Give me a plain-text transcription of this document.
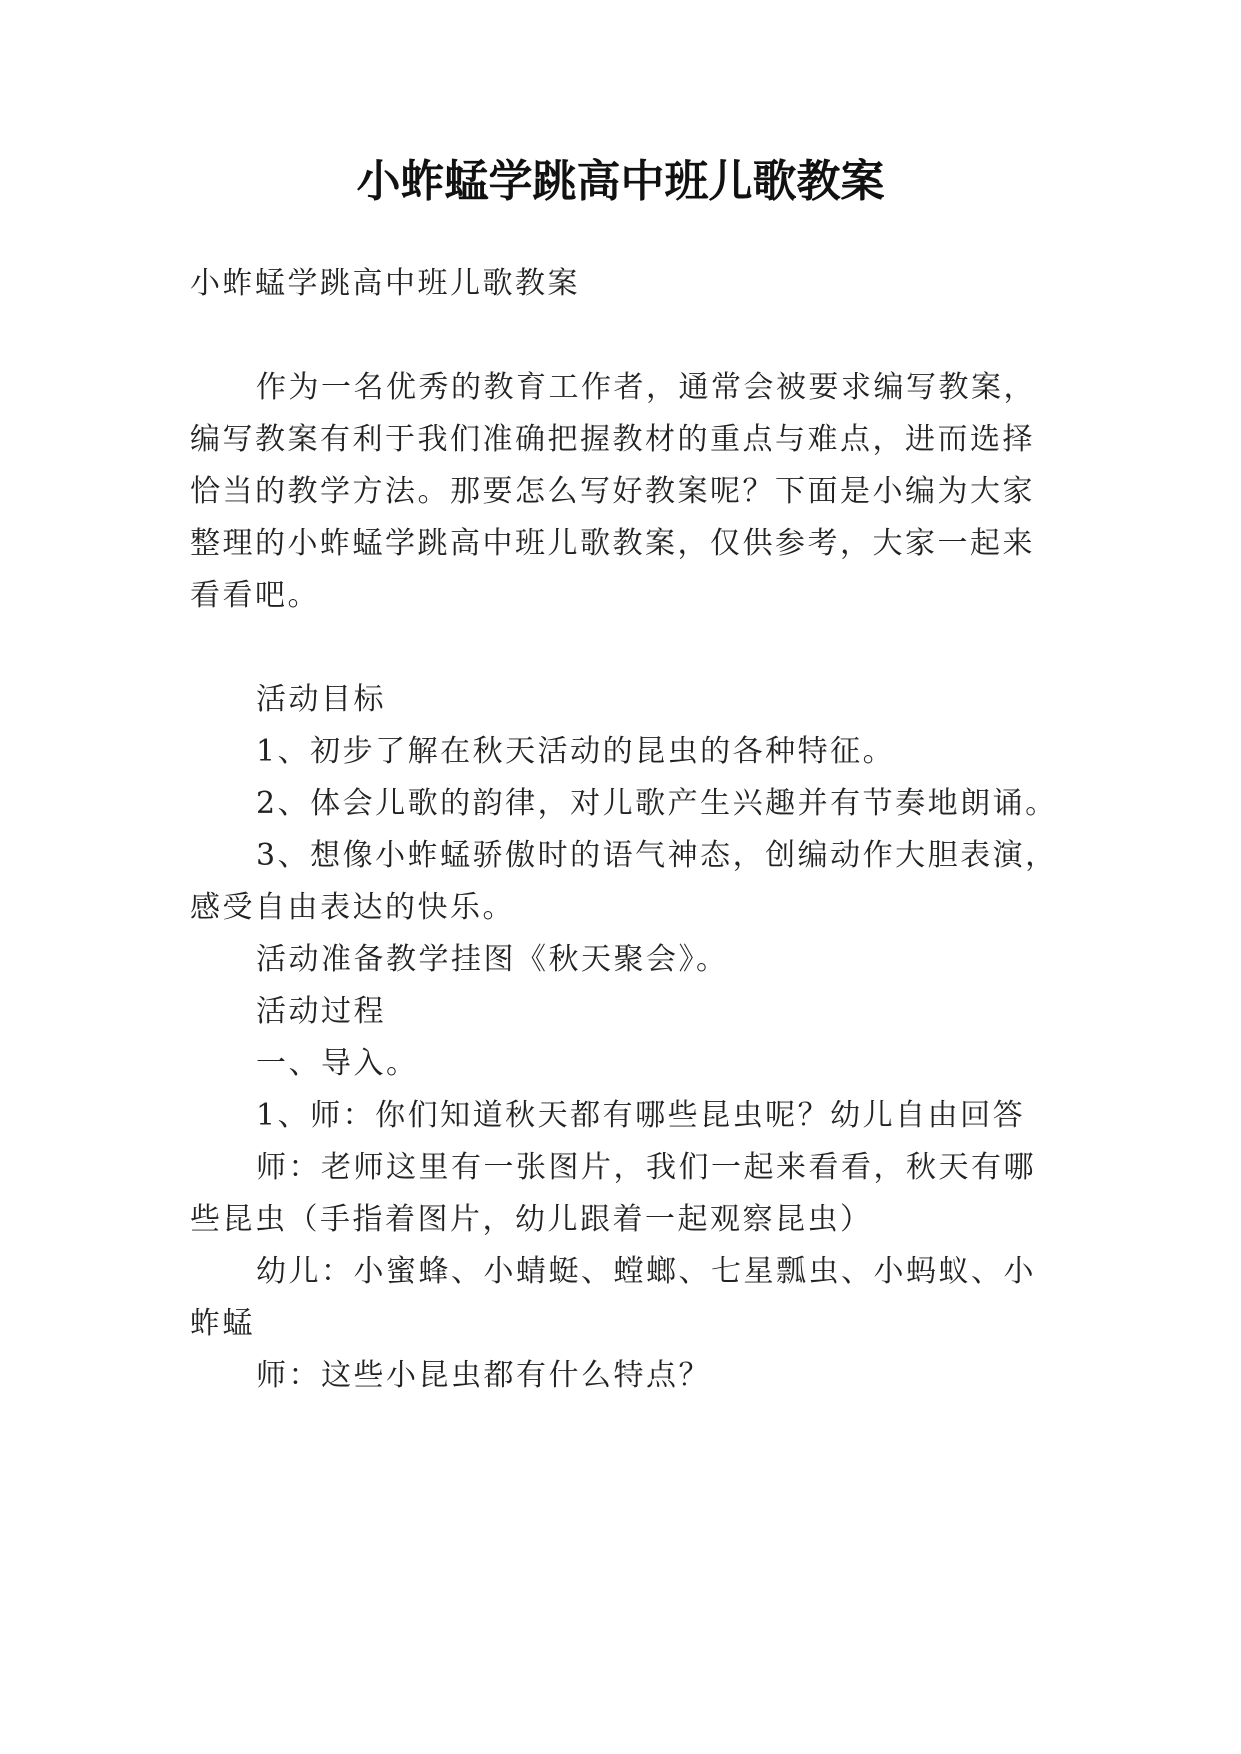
小蚱蜢学跳高中班儿歌教案

小蚱蜢学跳高中班儿歌教案

作为一名优秀的教育工作者，通常会被要求编写教案，

编写教案有利于我们准确把握教材的重点与难点，进而选择

恰当的教学方法。那要怎么写好教案呢？下面是小编为大家

整理的小蚱蜢学跳高中班儿歌教案，仅供参考，大家一起来

看看吧。

活动目标

1、初步了解在秋天活动的昆虫的各种特征。

2、体会儿歌的韵律，对儿歌产生兴趣并有节奏地朗诵。

3、想像小蚱蜢骄傲时的语气神态，创编动作大胆表演，

感受自由表达的快乐。

活动准备教学挂图《秋天聚会》。

活动过程

一、导入。

1、师：你们知道秋天都有哪些昆虫呢？幼儿自由回答

师：老师这里有一张图片，我们一起来看看，秋天有哪

些昆虫（手指着图片，幼儿跟着一起观察昆虫）

幼儿：小蜜蜂、小蜻蜓、螳螂、七星瓢虫、小蚂蚁、小

蚱蜢

师：这些小昆虫都有什么特点？
